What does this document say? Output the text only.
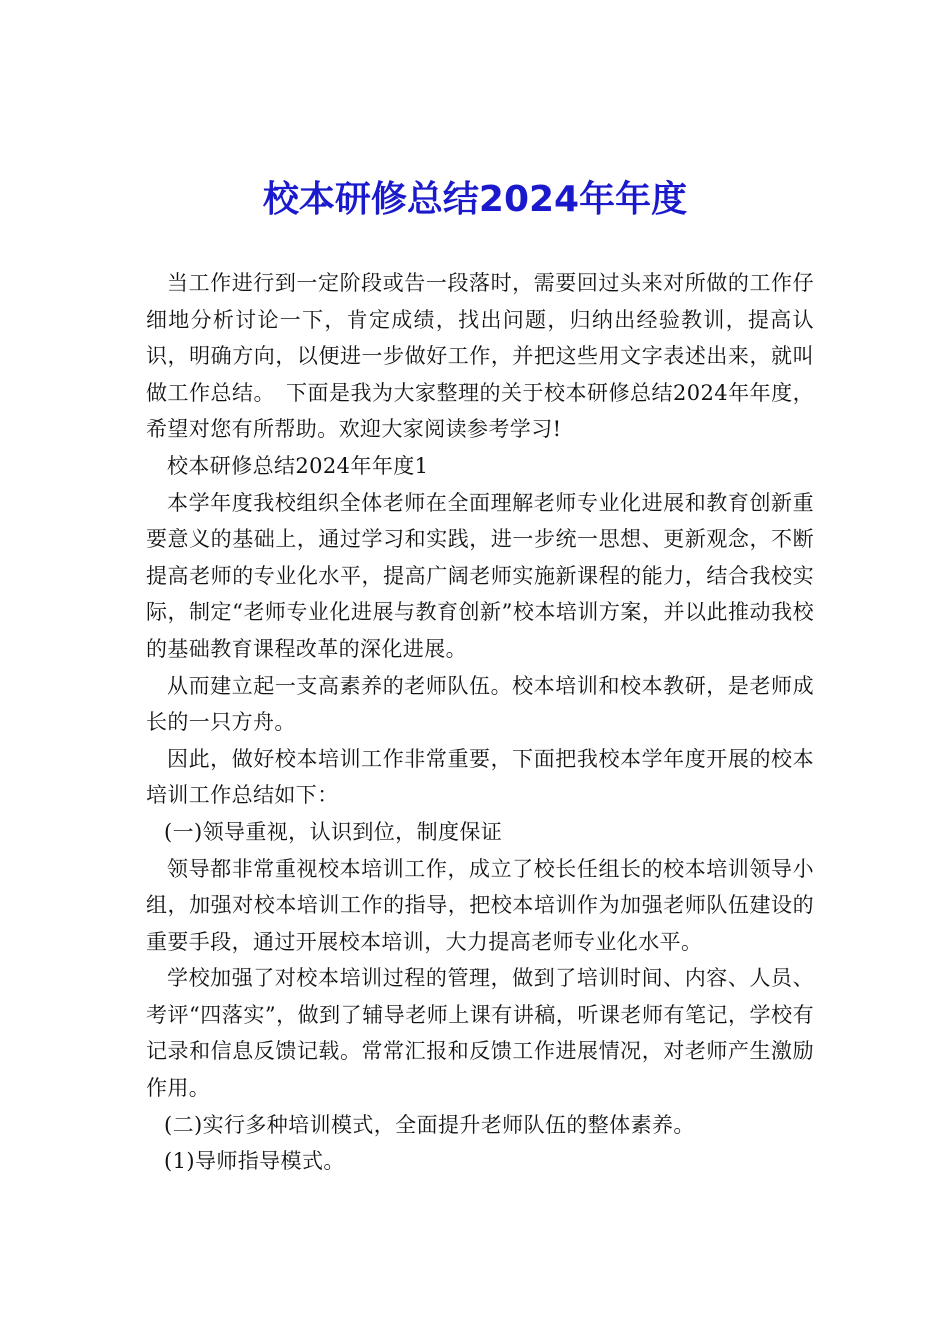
校本研修总结2024年年度

当工作进行到一定阶段或告一段落时，需要回过头来对所做的工作仔细地分析讨论一下，肯定成绩，找出问题，归纳出经验教训，提高认识，明确方向，以便进一步做好工作，并把这些用文字表述出来，就叫做工作总结。　下面是我为大家整理的关于校本研修总结2024年年度，希望对您有所帮助。欢迎大家阅读参考学习!

校本研修总结2024年年度1

本学年度我校组织全体老师在全面理解老师专业化进展和教育创新重要意义的基础上，通过学习和实践，进一步统一思想、更新观念，不断提高老师的专业化水平，提高广阔老师实施新课程的能力，结合我校实际，制定“老师专业化进展与教育创新”校本培训方案，并以此推动我校的基础教育课程改革的深化进展。

从而建立起一支高素养的老师队伍。校本培训和校本教研，是老师成长的一只方舟。

因此，做好校本培训工作非常重要，下面把我校本学年度开展的校本培训工作总结如下：

(一)领导重视，认识到位，制度保证

领导都非常重视校本培训工作，成立了校长任组长的校本培训领导小组，加强对校本培训工作的指导，把校本培训作为加强老师队伍建设的重要手段，通过开展校本培训，大力提高老师专业化水平。

学校加强了对校本培训过程的管理，做到了培训时间、内容、人员、考评“四落实”，做到了辅导老师上课有讲稿，听课老师有笔记，学校有记录和信息反馈记载。常常汇报和反馈工作进展情况，对老师产生激励作用。

(二)实行多种培训模式，全面提升老师队伍的整体素养。

(1)导师指导模式。
